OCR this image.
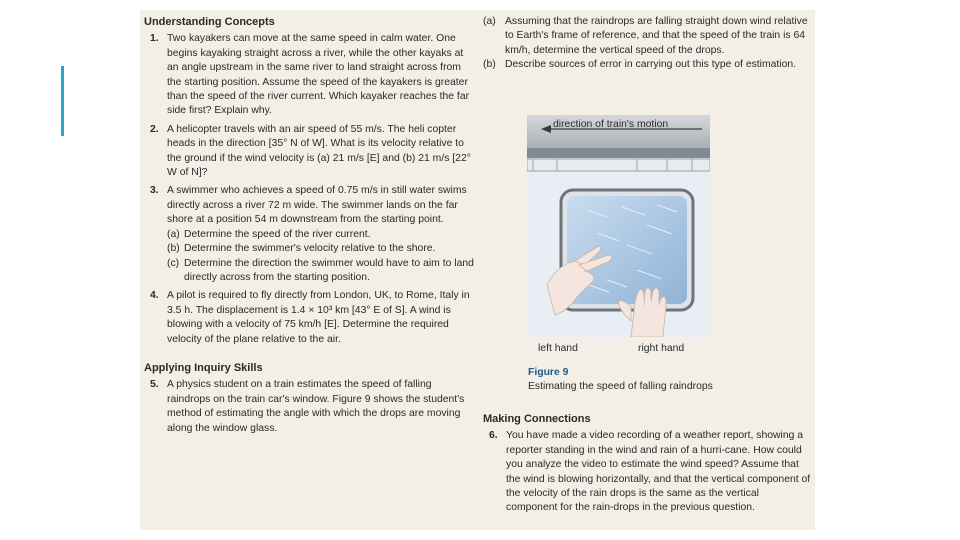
Understanding Concepts
1. Two kayakers can move at the same speed in calm water. One begins kayaking straight across a river, while the other kayaks at an angle upstream in the same river to land straight across from the starting position. Assume the speed of the kayakers is greater than the speed of the river current. Which kayaker reaches the far side first? Explain why.
2. A helicopter travels with an air speed of 55 m/s. The heli copter heads in the direction [35° N of W]. What is its velocity relative to the ground if the wind velocity is (a) 21 m/s [E] and (b) 21 m/s [22° W of N]?
3. A swimmer who achieves a speed of 0.75 m/s in still water swims directly across a river 72 m wide. The swimmer lands on the far shore at a position 54 m downstream from the starting point.
(a) Determine the speed of the river current.
(b) Determine the swimmer's velocity relative to the shore.
(c) Determine the direction the swimmer would have to aim to land directly across from the starting position.
4. A pilot is required to fly directly from London, UK, to Rome, Italy in 3.5 h. The displacement is 1.4 × 10³ km [43° E of S]. A wind is blowing with a velocity of 75 km/h [E]. Determine the required velocity of the plane relative to the air.
Applying Inquiry Skills
5. A physics student on a train estimates the speed of falling raindrops on the train car's window. Figure 9 shows the student's method of estimating the angle with which the drops are moving along the window glass.
(a) Assuming that the raindrops are falling straight down wind relative to Earth's frame of reference, and that the speed of the train is 64 km/h, determine the vertical speed of the drops.
(b) Describe sources of error in carrying out this type of estimation.
direction of train's motion
left hand	right hand
Figure 9
Estimating the speed of falling raindrops
Making Connections
6. You have made a video recording of a weather report, showing a reporter standing in the wind and rain of a hurri-cane. How could you analyze the video to estimate the wind speed? Assume that the wind is blowing horizontally, and that the vertical component of the velocity of the rain drops is the same as the vertical component for the rain-drops in the previous question.
